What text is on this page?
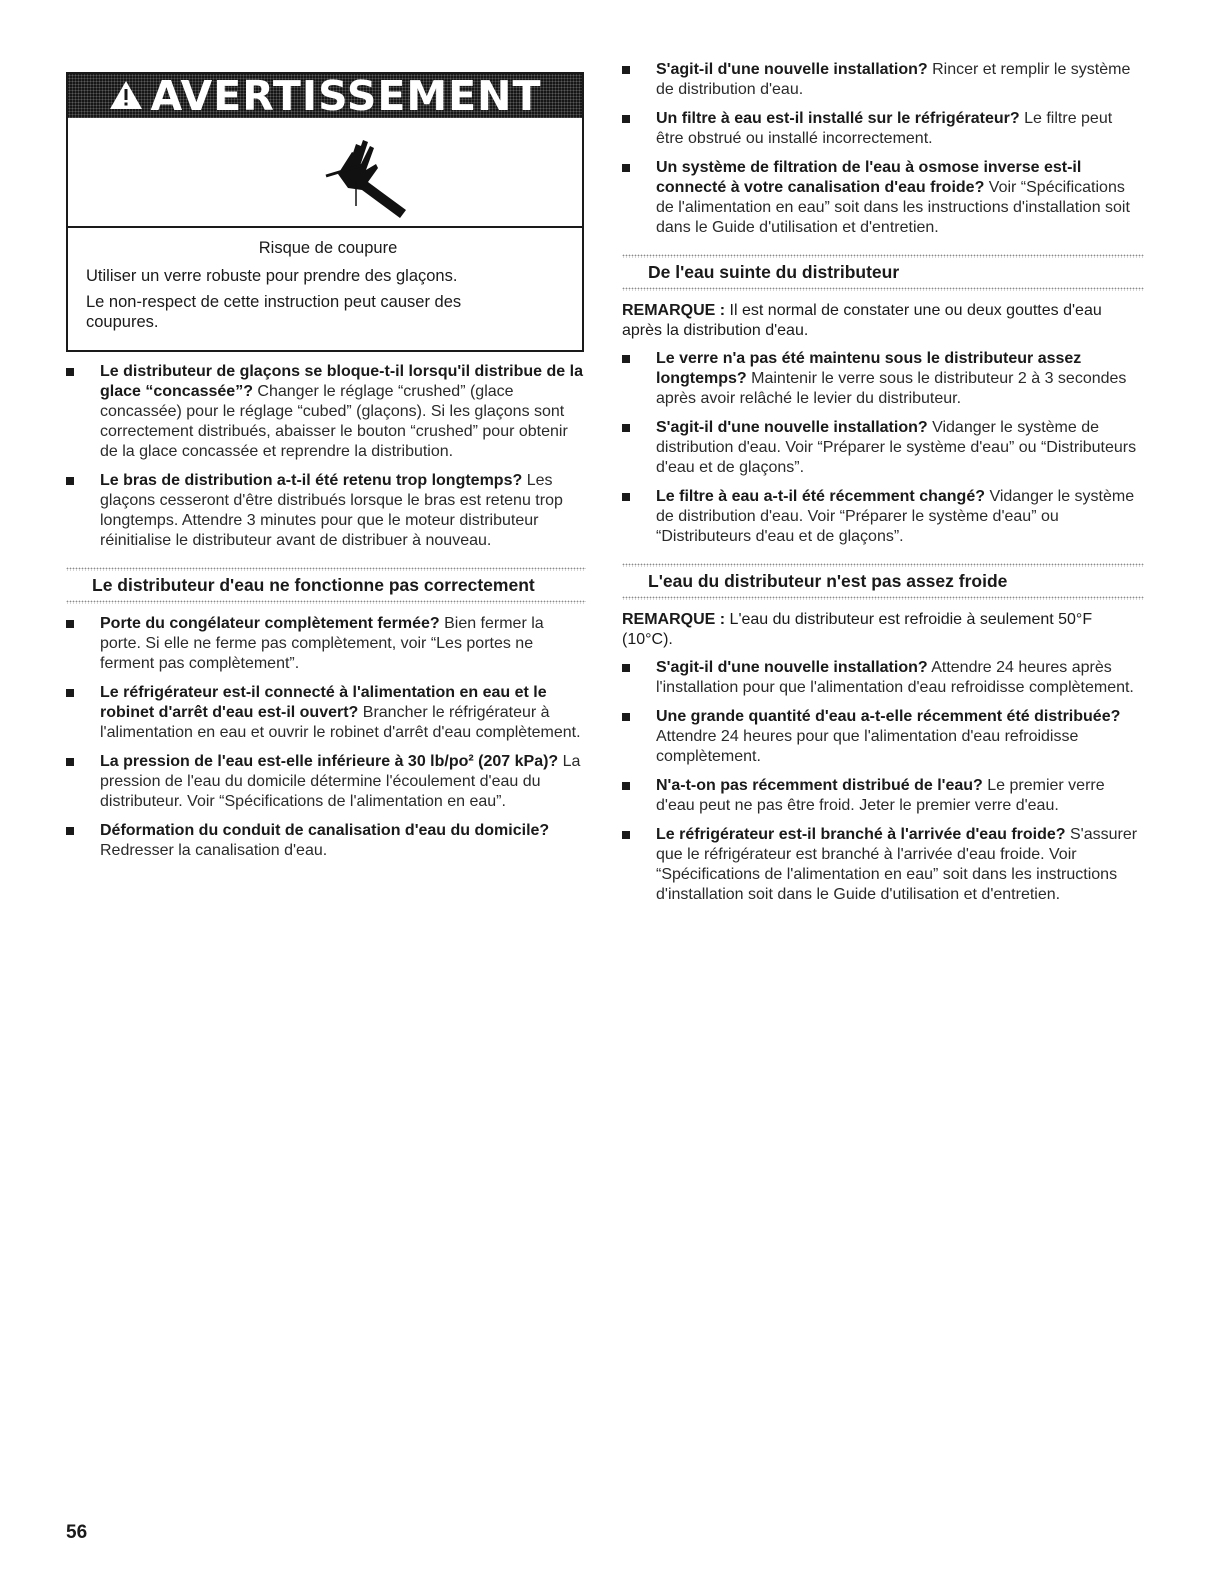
AVERTISSEMENT
Risque de coupure

Utiliser un verre robuste pour prendre des glaçons.

Le non-respect de cette instruction peut causer des coupures.

Le distributeur de glaçons se bloque-t-il lorsqu'il distribue de la glace “concassée”? Changer le réglage “crushed” (glace concassée) pour le réglage “cubed” (glaçons). Si les glaçons sont correctement distribués, abaisser le bouton “crushed” pour obtenir de la glace concassée et reprendre la distribution.
Le bras de distribution a-t-il été retenu trop longtemps? Les glaçons cesseront d'être distribués lorsque le bras est retenu trop longtemps. Attendre 3 minutes pour que le moteur distributeur réinitialise le distributeur avant de distribuer à nouveau.
Le distributeur d'eau ne fonctionne pas correctement
Porte du congélateur complètement fermée? Bien fermer la porte. Si elle ne ferme pas complètement, voir “Les portes ne ferment pas complètement”.
Le réfrigérateur est-il connecté à l'alimentation en eau et le robinet d'arrêt d'eau est-il ouvert? Brancher le réfrigérateur à l'alimentation en eau et ouvrir le robinet d'arrêt d'eau complètement.
La pression de l'eau est-elle inférieure à 30 lb/po² (207 kPa)? La pression de l'eau du domicile détermine l'écoulement d'eau du distributeur. Voir “Spécifications de l'alimentation en eau”.
Déformation du conduit de canalisation d'eau du domicile? Redresser la canalisation d'eau.
S'agit-il d'une nouvelle installation? Rincer et remplir le système de distribution d'eau.
Un filtre à eau est-il installé sur le réfrigérateur? Le filtre peut être obstrué ou installé incorrectement.
Un système de filtration de l'eau à osmose inverse est-il connecté à votre canalisation d'eau froide? Voir “Spécifications de l'alimentation en eau” soit dans les instructions d'installation soit dans le Guide d'utilisation et d'entretien.
De l'eau suinte du distributeur

REMARQUE : Il est normal de constater une ou deux gouttes d'eau après la distribution d'eau.

Le verre n'a pas été maintenu sous le distributeur assez longtemps? Maintenir le verre sous le distributeur 2 à 3 secondes après avoir relâché le levier du distributeur.
S'agit-il d'une nouvelle installation? Vidanger le système de distribution d'eau. Voir “Préparer le système d'eau” ou “Distributeurs d'eau et de glaçons”.
Le filtre à eau a-t-il été récemment changé? Vidanger le système de distribution d'eau. Voir “Préparer le système d'eau” ou “Distributeurs d'eau et de glaçons”.
L'eau du distributeur n'est pas assez froide

REMARQUE : L'eau du distributeur est refroidie à seulement 50°F (10°C).

S'agit-il d'une nouvelle installation? Attendre 24 heures après l'installation pour que l'alimentation d'eau refroidisse complètement.
Une grande quantité d'eau a-t-elle récemment été distribuée? Attendre 24 heures pour que l'alimentation d'eau refroidisse complètement.
N'a-t-on pas récemment distribué de l'eau? Le premier verre d'eau peut ne pas être froid. Jeter le premier verre d'eau.
Le réfrigérateur est-il branché à l'arrivée d'eau froide? S'assurer que le réfrigérateur est branché à l'arrivée d'eau froide. Voir “Spécifications de l'alimentation en eau” soit dans les instructions d'installation soit dans le Guide d'utilisation et d'entretien.
56
